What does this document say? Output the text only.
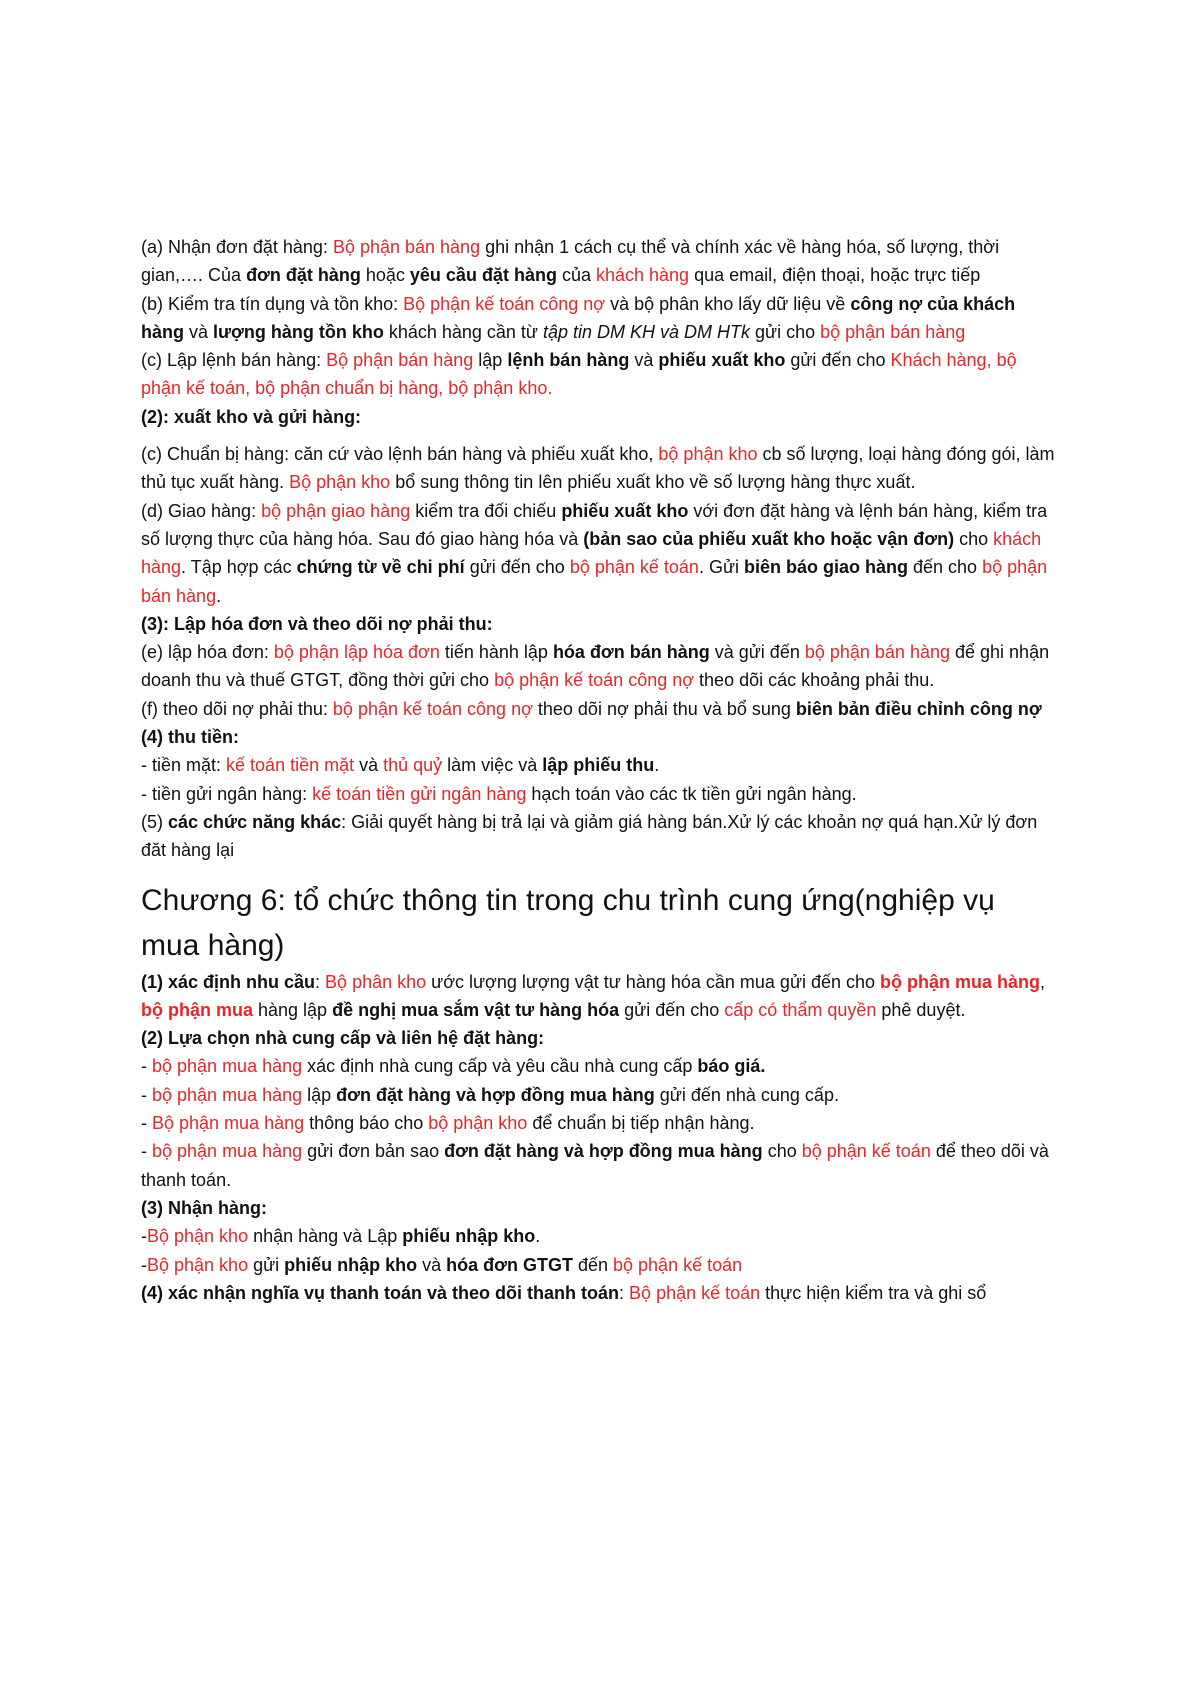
(a) Nhận đơn đặt hàng: Bộ phận bán hàng ghi nhận 1 cách cụ thể và chính xác về hàng hóa, số lượng, thời gian,…. Của đơn đặt hàng hoặc yêu cầu đặt hàng của khách hàng qua email, điện thoại, hoặc trực tiếp

(b) Kiểm tra tín dụng và tồn kho: Bộ phận kế toán công nợ và bộ phân kho lấy dữ liệu về công nợ của khách hàng và lượng hàng tồn kho khách hàng cần từ tập tin DM KH và DM HTk gửi cho bộ phận bán hàng

(c) Lập lệnh bán hàng: Bộ phận bán hàng lập lệnh bán hàng và phiếu xuất kho gửi đến cho Khách hàng, bộ phận kế toán, bộ phận chuẩn bị hàng, bộ phận kho.

(2): xuất kho và gửi hàng:

(c) Chuẩn bị hàng: căn cứ vào lệnh bán hàng và phiếu xuất kho, bộ phận kho cb số lượng, loại hàng đóng gói, làm thủ tục xuất hàng. Bộ phận kho bổ sung thông tin lên phiếu xuất kho về số lượng hàng thực xuất.

(d) Giao hàng: bộ phận giao hàng kiểm tra đối chiếu phiếu xuất kho với đơn đặt hàng và lệnh bán hàng, kiểm tra số lượng thực của hàng hóa. Sau đó giao hàng hóa và (bản sao của phiếu xuất kho hoặc vận đơn) cho khách hàng. Tập hợp các chứng từ về chi phí gửi đến cho bộ phận kế toán. Gửi biên báo giao hàng đến cho bộ phận bán hàng.

(3): Lập hóa đơn và theo dõi nợ phải thu:

(e) lập hóa đơn: bộ phận lập hóa đơn tiến hành lập hóa đơn bán hàng và gửi đến bộ phận bán hàng để ghi nhận doanh thu và thuế GTGT, đồng thời gửi cho bộ phận kế toán công nợ theo dõi các khoảng phải thu.

(f) theo dõi nợ phải thu: bộ phận kế toán công nợ theo dõi nợ phải thu và bổ sung biên bản điều chỉnh công nợ

(4) thu tiền:

- tiền mặt: kế toán tiền mặt và thủ quỷ làm việc và lập phiếu thu.

- tiền gửi ngân hàng: kế toán tiền gửi ngân hàng hạch toán vào các tk tiền gửi ngân hàng.

(5) các chức năng khác: Giải quyết hàng bị trả lại và giảm giá hàng bán.Xử lý các khoản nợ quá hạn.Xử lý đơn đăt hàng lại

Chương 6: tổ chức thông tin trong chu trình cung ứng(nghiệp vụ mua hàng)

(1) xác định nhu cầu: Bộ phân kho ước lượng lượng vật tư hàng hóa cần mua gửi đến cho bộ phận mua hàng, bộ phận mua hàng lập đề nghị mua sắm vật tư hàng hóa gửi đến cho cấp có thẩm quyền phê duyệt.

(2) Lựa chọn nhà cung cấp và liên hệ đặt hàng:

- bộ phận mua hàng xác định nhà cung cấp và yêu cầu nhà cung cấp báo giá.

- bộ phận mua hàng lập đơn đặt hàng và hợp đồng mua hàng gửi đến nhà cung cấp.

- Bộ phận mua hàng thông báo cho bộ phận kho để chuẩn bị tiếp nhận hàng.

- bộ phận mua hàng gửi đơn bản sao đơn đặt hàng và hợp đồng mua hàng cho bộ phận kế toán để theo dõi và thanh toán.

(3) Nhận hàng:

-Bộ phận kho nhận hàng và Lập phiếu nhập kho.

-Bộ phận kho gửi phiếu nhập kho và hóa đơn GTGT đến bộ phận kế toán

(4) xác nhận nghĩa vụ thanh toán và theo dõi thanh toán: Bộ phận kế toán thực hiện kiểm tra và ghi sổ
